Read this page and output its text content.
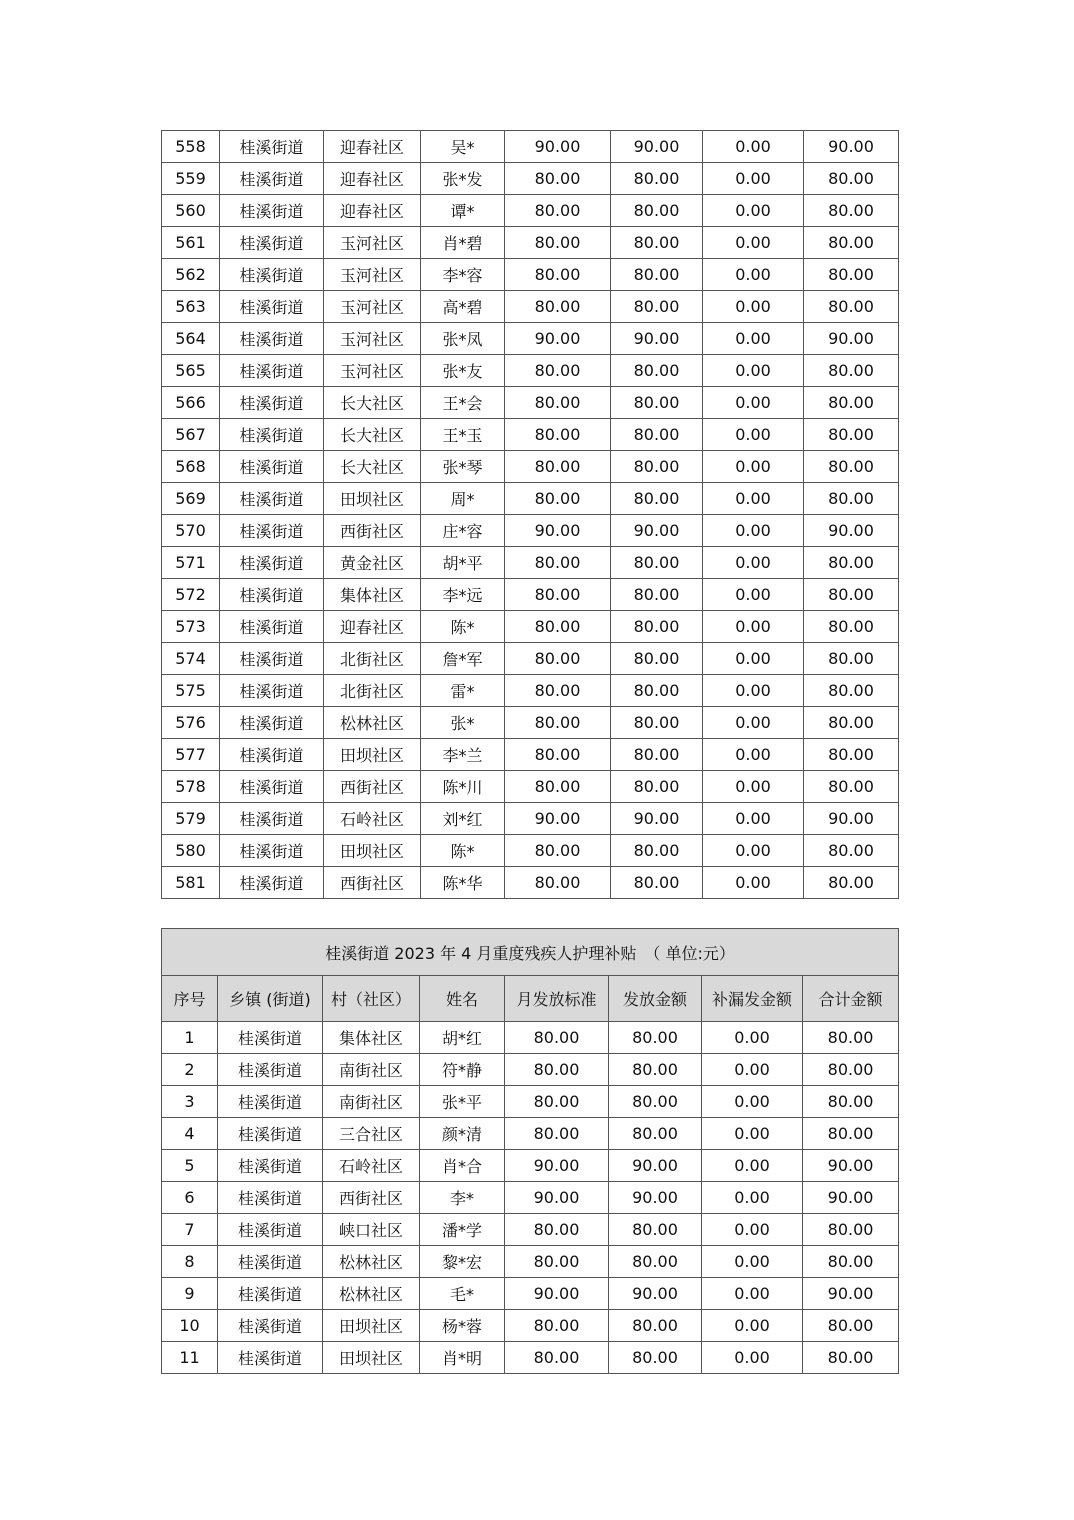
558	桂溪街道	迎春社区	吴*	90.00	90.00	0.00	90.00
559	桂溪街道	迎春社区	张*发	80.00	80.00	0.00	80.00
560	桂溪街道	迎春社区	谭*	80.00	80.00	0.00	80.00
561	桂溪街道	玉河社区	肖*碧	80.00	80.00	0.00	80.00
562	桂溪街道	玉河社区	李*容	80.00	80.00	0.00	80.00
563	桂溪街道	玉河社区	高*碧	80.00	80.00	0.00	80.00
564	桂溪街道	玉河社区	张*凤	90.00	90.00	0.00	90.00
565	桂溪街道	玉河社区	张*友	80.00	80.00	0.00	80.00
566	桂溪街道	长大社区	王*会	80.00	80.00	0.00	80.00
567	桂溪街道	长大社区	王*玉	80.00	80.00	0.00	80.00
568	桂溪街道	长大社区	张*琴	80.00	80.00	0.00	80.00
569	桂溪街道	田坝社区	周*	80.00	80.00	0.00	80.00
570	桂溪街道	西街社区	庄*容	90.00	90.00	0.00	90.00
571	桂溪街道	黄金社区	胡*平	80.00	80.00	0.00	80.00
572	桂溪街道	集体社区	李*远	80.00	80.00	0.00	80.00
573	桂溪街道	迎春社区	陈*	80.00	80.00	0.00	80.00
574	桂溪街道	北街社区	詹*军	80.00	80.00	0.00	80.00
575	桂溪街道	北街社区	雷*	80.00	80.00	0.00	80.00
576	桂溪街道	松林社区	张*	80.00	80.00	0.00	80.00
577	桂溪街道	田坝社区	李*兰	80.00	80.00	0.00	80.00
578	桂溪街道	西街社区	陈*川	80.00	80.00	0.00	80.00
579	桂溪街道	石岭社区	刘*红	90.00	90.00	0.00	90.00
580	桂溪街道	田坝社区	陈*	80.00	80.00	0.00	80.00
581	桂溪街道	西街社区	陈*华	80.00	80.00	0.00	80.00
桂溪街道 2023 年 4 月重度残疾人护理补贴　（ 单位:元）							
序号	乡镇 (街道)	村（社区）	姓名	月发放标准	发放金额	补漏发金额	合计金额
1	桂溪街道	集体社区	胡*红	80.00	80.00	0.00	80.00
2	桂溪街道	南街社区	符*静	80.00	80.00	0.00	80.00
3	桂溪街道	南街社区	张*平	80.00	80.00	0.00	80.00
4	桂溪街道	三合社区	颜*清	80.00	80.00	0.00	80.00
5	桂溪街道	石岭社区	肖*合	90.00	90.00	0.00	90.00
6	桂溪街道	西街社区	李*	90.00	90.00	0.00	90.00
7	桂溪街道	峡口社区	潘*学	80.00	80.00	0.00	80.00
8	桂溪街道	松林社区	黎*宏	80.00	80.00	0.00	80.00
9	桂溪街道	松林社区	毛*	90.00	90.00	0.00	90.00
10	桂溪街道	田坝社区	杨*蓉	80.00	80.00	0.00	80.00
11	桂溪街道	田坝社区	肖*明	80.00	80.00	0.00	80.00
